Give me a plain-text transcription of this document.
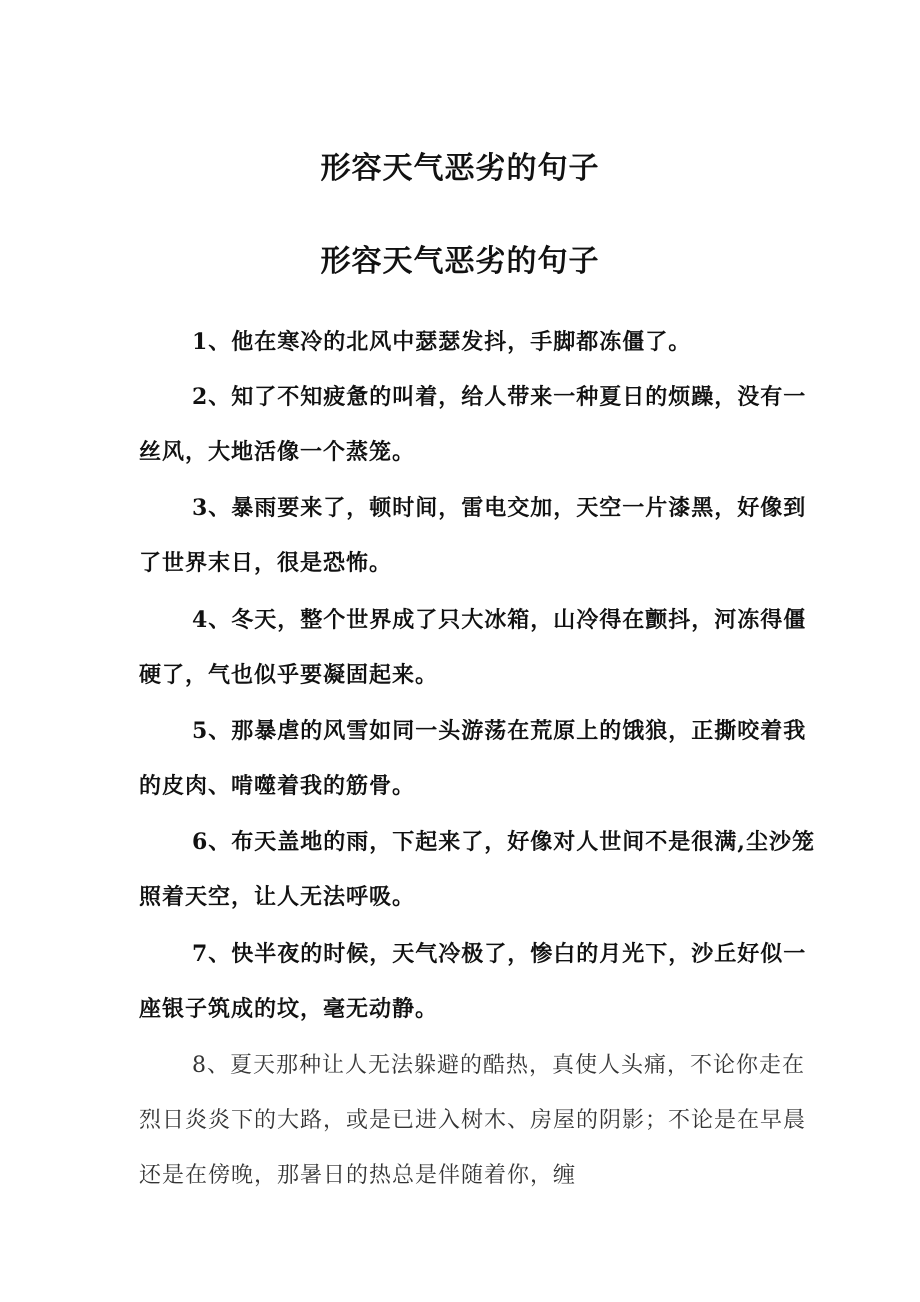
形容天气恶劣的句子
形容天气恶劣的句子

1、他在寒冷的北风中瑟瑟发抖，手脚都冻僵了。

2、知了不知疲惫的叫着，给人带来一种夏日的烦躁，没有一丝风，大地活像一个蒸笼。

3、暴雨要来了，顿时间，雷电交加，天空一片漆黑，好像到了世界末日，很是恐怖。

4、冬天，整个世界成了只大冰箱，山冷得在颤抖，河冻得僵硬了，气也似乎要凝固起来。

5、那暴虐的风雪如同一头游荡在荒原上的饿狼，正撕咬着我的皮肉、啃噬着我的筋骨。

6、布天盖地的雨，下起来了，好像对人世间不是很满,尘沙笼照着天空，让人无法呼吸。

7、快半夜的时候，天气冷极了，惨白的月光下，沙丘好似一座银子筑成的坟，毫无动静。

8、夏天那种让人无法躲避的酷热，真使人头痛，不论你走在烈日炎炎下的大路，或是已进入树木、房屋的阴影；不论是在早晨还是在傍晚，那暑日的热总是伴随着你，缠
